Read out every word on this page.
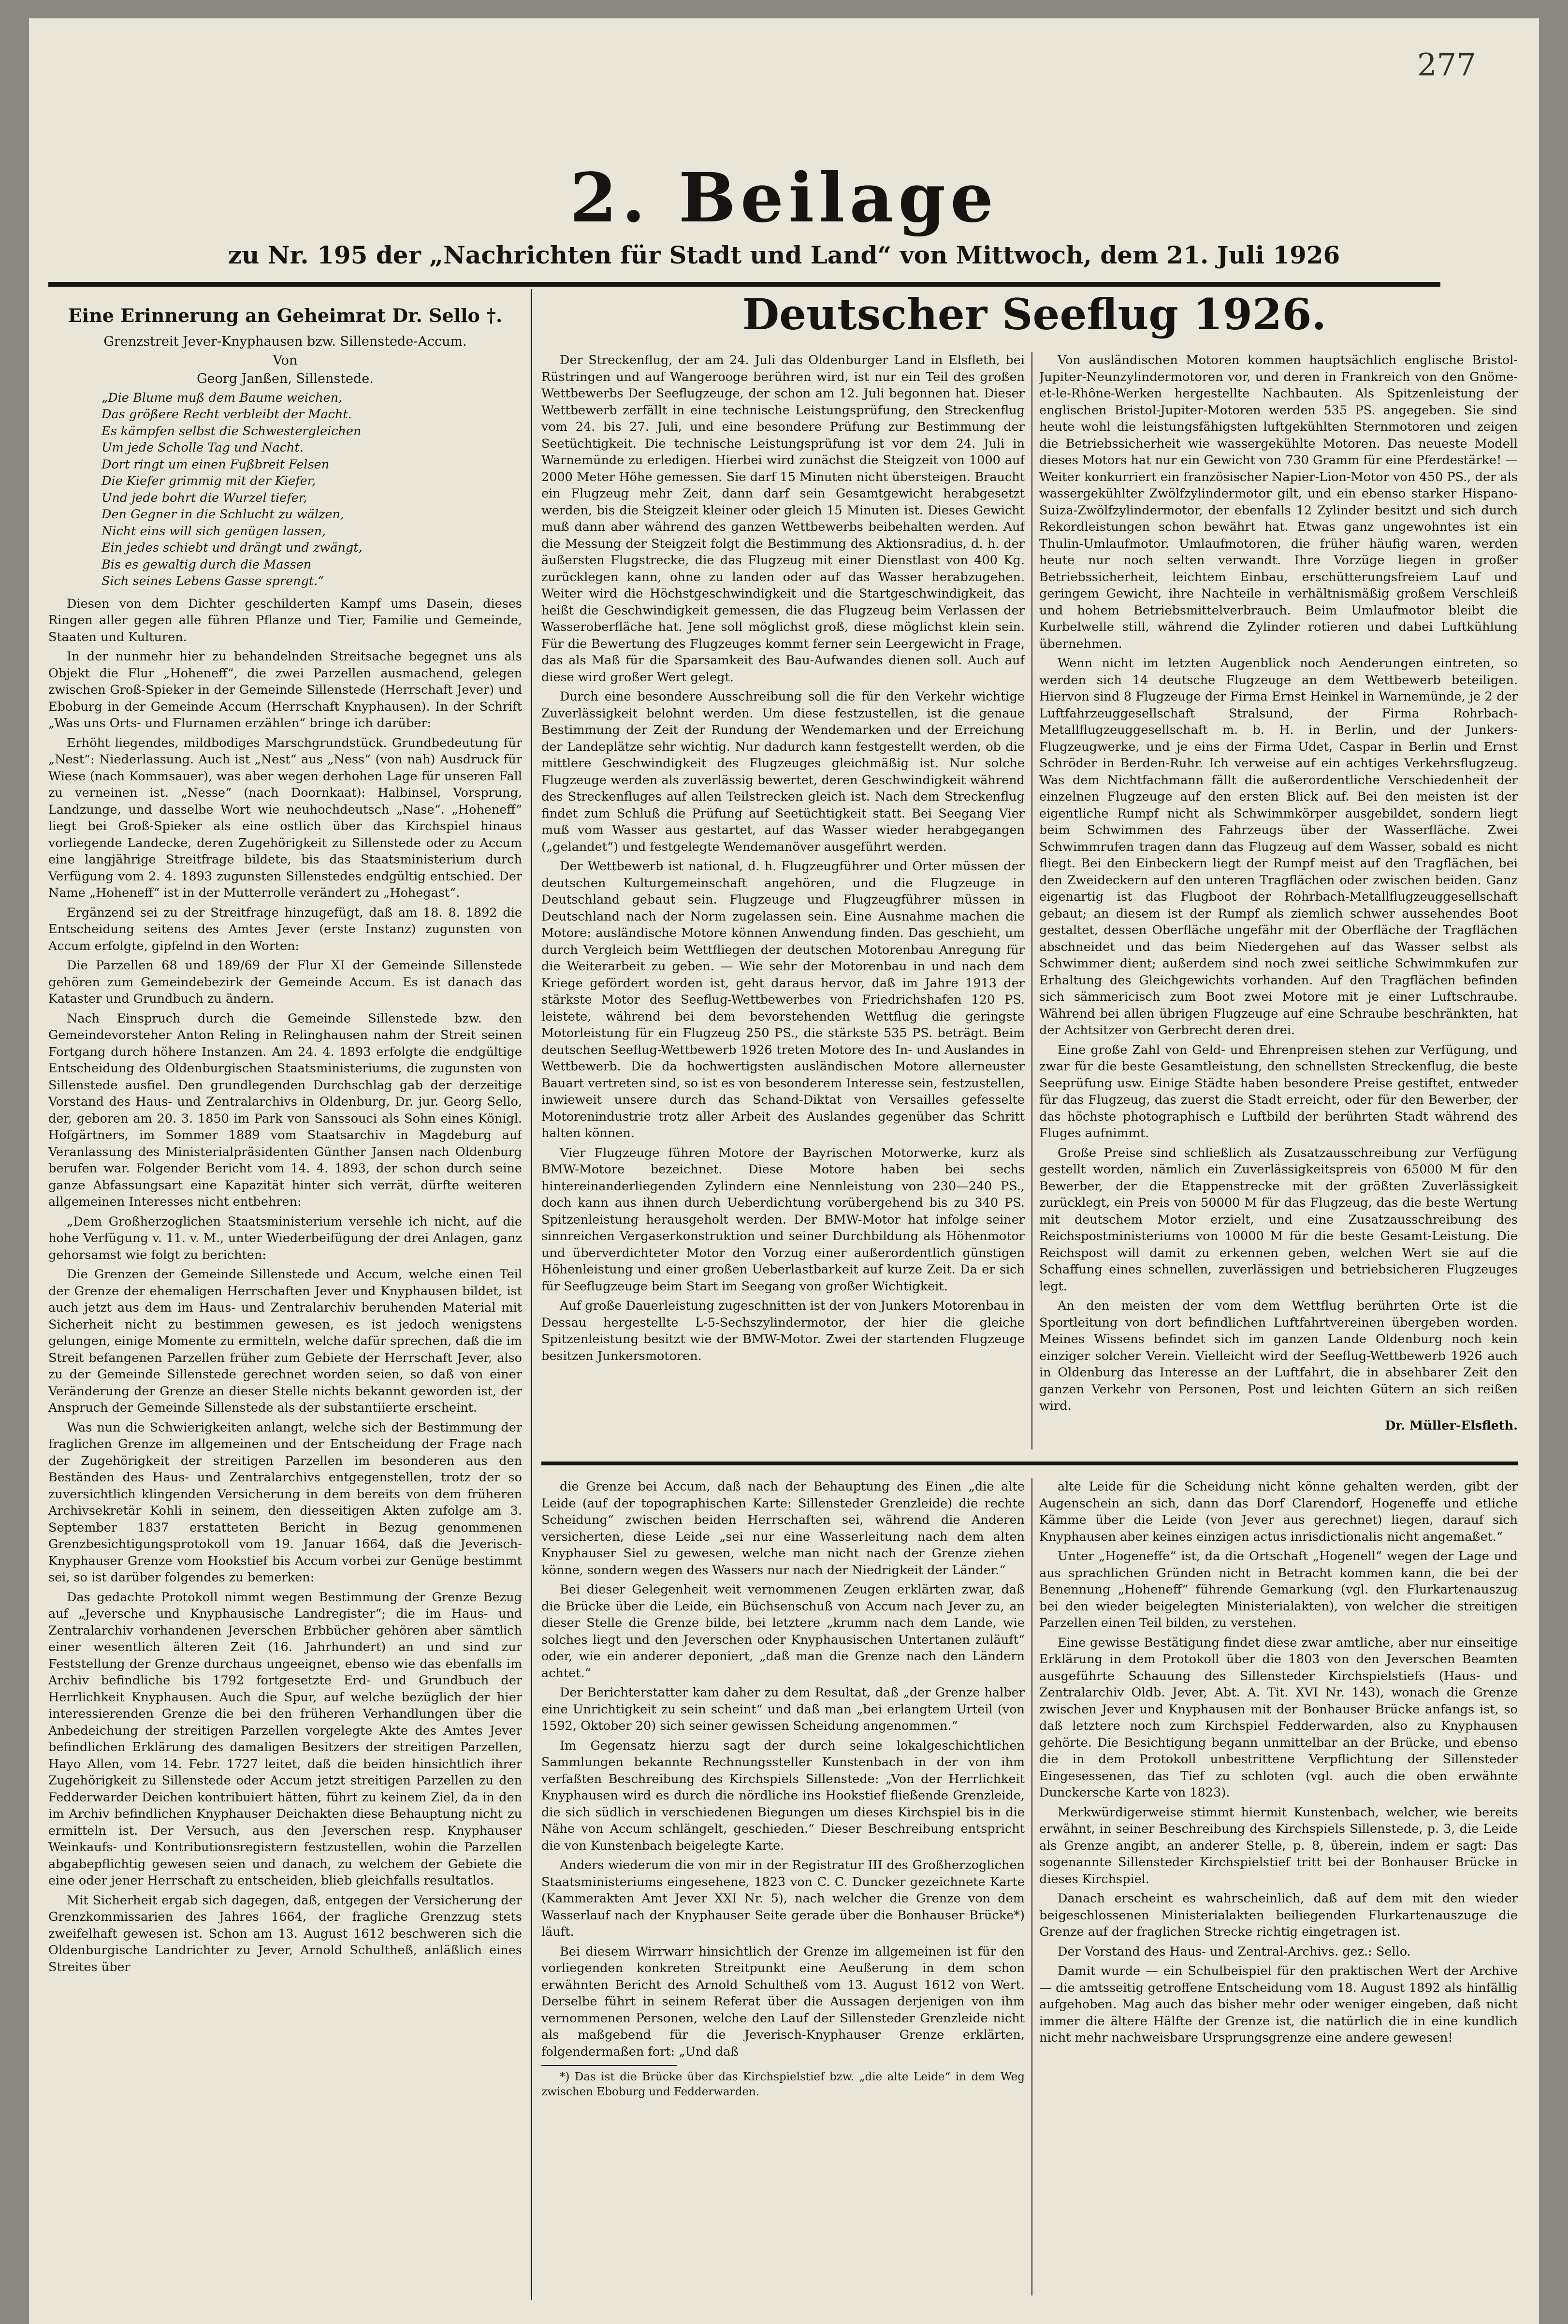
277
2. Beilage
zu Nr. 195 der „Nachrichten für Stadt und Land“ von Mittwoch, dem 21. Juli 1926
Eine Erinnerung an Geheimrat Dr. Sello †.
Grenzstreit Jever-Knyphausen bzw. Sillenstede-Accum.
Von
Georg Janßen, Sillenstede.
„Die Blume muß dem Baume weichen,
Das größere Recht verbleibt der Macht.
Es kämpfen selbst die Schwestergleichen
Um jede Scholle Tag und Nacht.
Dort ringt um einen Fußbreit Felsen
Die Kiefer grimmig mit der Kiefer,
Und jede bohrt die Wurzel tiefer,
Den Gegner in die Schlucht zu wälzen,
Nicht eins will sich genügen lassen,
Ein jedes schiebt und drängt und zwängt,
Bis es gewaltig durch die Massen
Sich seines Lebens Gasse sprengt.“

Diesen von dem Dichter geschilderten Kampf ums Dasein, dieses Ringen aller gegen alle führen Pflanze und Tier, Familie und Gemeinde, Staaten und Kulturen.

In der nunmehr hier zu behandelnden Streitsache begegnet uns als Objekt die Flur „Hoheneff“, die zwei Parzellen ausmachend, gelegen zwischen Groß-Spieker in der Gemeinde Sillenstede (Herrschaft Jever) und Eboburg in der Gemeinde Accum (Herrschaft Knyphausen). In der Schrift „Was uns Orts- und Flurnamen erzählen“ bringe ich darüber:

Erhöht liegendes, mildbodiges Marschgrundstück. Grundbedeutung für „Nest“: Niederlassung. Auch ist „Nest“ aus „Ness“ (von nah) Ausdruck für Wiese (nach Kommsauer), was aber wegen derhohen Lage für unseren Fall zu verneinen ist. „Nesse“ (nach Doornkaat): Halbinsel, Vorsprung, Landzunge, und dasselbe Wort wie neuhochdeutsch „Nase“. „Hoheneff“ liegt bei Groß-Spieker als eine ostlich über das Kirchspiel hinaus vorliegende Landecke, deren Zugehörigkeit zu Sillenstede oder zu Accum eine langjährige Streitfrage bildete, bis das Staatsministerium durch Verfügung vom 2. 4. 1893 zugunsten Sillenstedes endgültig entschied. Der Name „Hoheneff“ ist in der Mutterrolle verändert zu „Hohegast“.

Ergänzend sei zu der Streitfrage hinzugefügt, daß am 18. 8. 1892 die Entscheidung seitens des Amtes Jever (erste Instanz) zugunsten von Accum erfolgte, gipfelnd in den Worten:

Die Parzellen 68 und 189/69 der Flur XI der Gemeinde Sillenstede gehören zum Gemeindebezirk der Gemeinde Accum. Es ist danach das Kataster und Grundbuch zu ändern.

Nach Einspruch durch die Gemeinde Sillenstede bzw. den Gemeindevorsteher Anton Reling in Relinghausen nahm der Streit seinen Fortgang durch höhere Instanzen. Am 24. 4. 1893 erfolgte die endgültige Entscheidung des Oldenburgischen Staatsministeriums, die zugunsten von Sillenstede ausfiel. Den grundlegenden Durchschlag gab der derzeitige Vorstand des Haus- und Zentralarchivs in Oldenburg, Dr. jur. Georg Sello, der, geboren am 20. 3. 1850 im Park von Sanssouci als Sohn eines Königl. Hofgärtners, im Sommer 1889 vom Staatsarchiv in Magdeburg auf Veranlassung des Ministerialpräsidenten Günther Jansen nach Oldenburg berufen war. Folgender Bericht vom 14. 4. 1893, der schon durch seine ganze Abfassungsart eine Kapazität hinter sich verrät, dürfte weiteren allgemeinen Interesses nicht entbehren:

„Dem Großherzoglichen Staatsministerium versehle ich nicht, auf die hohe Verfügung v. 11. v. M., unter Wiederbeifügung der drei Anlagen, ganz gehorsamst wie folgt zu berichten:

Die Grenzen der Gemeinde Sillenstede und Accum, welche einen Teil der Grenze der ehemaligen Herrschaften Jever und Knyphausen bildet, ist auch jetzt aus dem im Haus- und Zentralarchiv beruhenden Material mit Sicherheit nicht zu bestimmen gewesen, es ist jedoch wenigstens gelungen, einige Momente zu ermitteln, welche dafür sprechen, daß die im Streit befangenen Parzellen früher zum Gebiete der Herrschaft Jever, also zu der Gemeinde Sillenstede gerechnet worden seien, so daß von einer Veränderung der Grenze an dieser Stelle nichts bekannt geworden ist, der Anspruch der Gemeinde Sillenstede als der substantiierte erscheint.

Was nun die Schwierigkeiten anlangt, welche sich der Bestimmung der fraglichen Grenze im allgemeinen und der Entscheidung der Frage nach der Zugehörigkeit der streitigen Parzellen im besonderen aus den Beständen des Haus- und Zentralarchivs entgegenstellen, trotz der so zuversichtlich klingenden Versicherung in dem bereits von dem früheren Archivsekretär Kohli in seinem, den diesseitigen Akten zufolge am 3. September 1837 erstatteten Bericht in Bezug genommenen Grenzbesichtigungsprotokoll vom 19. Januar 1664, daß die Jeverisch-Knyphauser Grenze vom Hookstief bis Accum vorbei zur Genüge bestimmt sei, so ist darüber folgendes zu bemerken:

Das gedachte Protokoll nimmt wegen Bestimmung der Grenze Bezug auf „Jeversche und Knyphausische Landregister“; die im Haus- und Zentralarchiv vorhandenen Jeverschen Erbbücher gehören aber sämtlich einer wesentlich älteren Zeit (16. Jahrhundert) an und sind zur Feststellung der Grenze durchaus ungeeignet, ebenso wie das ebenfalls im Archiv befindliche bis 1792 fortgesetzte Erd- und Grundbuch der Herrlichkeit Knyphausen. Auch die Spur, auf welche bezüglich der hier interessierenden Grenze die bei den früheren Verhandlungen über die Anbedeichung der streitigen Parzellen vorgelegte Akte des Amtes Jever befindlichen Erklärung des damaligen Besitzers der streitigen Parzellen, Hayo Allen, vom 14. Febr. 1727 leitet, daß die beiden hinsichtlich ihrer Zugehörigkeit zu Sillenstede oder Accum jetzt streitigen Parzellen zu den Fedderwarder Deichen kontribuiert hätten, führt zu keinem Ziel, da in den im Archiv befindlichen Knyphauser Deichakten diese Behauptung nicht zu ermitteln ist. Der Versuch, aus den Jeverschen resp. Knyphauser Weinkaufs- und Kontributionsregistern festzustellen, wohin die Parzellen abgabepflichtig gewesen seien und danach, zu welchem der Gebiete die eine oder jener Herrschaft zu entscheiden, blieb gleichfalls resultatlos.

Mit Sicherheit ergab sich dagegen, daß, entgegen der Versicherung der Grenzkommissarien des Jahres 1664, der fragliche Grenzzug stets zweifelhaft gewesen ist. Schon am 13. August 1612 beschweren sich die Oldenburgische Landrichter zu Jever, Arnold Schultheß, anläßlich eines Streites über

Deutscher Seeflug 1926.

Der Streckenflug, der am 24. Juli das Oldenburger Land in Elsfleth, bei Rüstringen und auf Wangerooge berühren wird, ist nur ein Teil des großen Wettbewerbs Der Seeflugzeuge, der schon am 12. Juli begonnen hat. Dieser Wettbewerb zerfällt in eine technische Leistungsprüfung, den Streckenflug vom 24. bis 27. Juli, und eine besondere Prüfung zur Bestimmung der Seetüchtigkeit. Die technische Leistungsprüfung ist vor dem 24. Juli in Warnemünde zu erledigen. Hierbei wird zunächst die Steigzeit von 1000 auf 2000 Meter Höhe gemessen. Sie darf 15 Minuten nicht übersteigen. Braucht ein Flugzeug mehr Zeit, dann darf sein Gesamtgewicht herabgesetzt werden, bis die Steigzeit kleiner oder gleich 15 Minuten ist. Dieses Gewicht muß dann aber während des ganzen Wettbewerbs beibehalten werden. Auf die Messung der Steigzeit folgt die Bestimmung des Aktionsradius, d. h. der äußersten Flugstrecke, die das Flugzeug mit einer Dienstlast von 400 Kg. zurücklegen kann, ohne zu landen oder auf das Wasser herabzugehen. Weiter wird die Höchstgeschwindigkeit und die Startgeschwindigkeit, das heißt die Geschwindigkeit gemessen, die das Flugzeug beim Verlassen der Wasseroberfläche hat. Jene soll möglichst groß, diese möglichst klein sein. Für die Bewertung des Flugzeuges kommt ferner sein Leergewicht in Frage, das als Maß für die Sparsamkeit des Bau-Aufwandes dienen soll. Auch auf diese wird großer Wert gelegt.

Durch eine besondere Ausschreibung soll die für den Verkehr wichtige Zuverlässigkeit belohnt werden. Um diese festzustellen, ist die genaue Bestimmung der Zeit der Rundung der Wendemarken und der Erreichung der Landeplätze sehr wichtig. Nur dadurch kann festgestellt werden, ob die mittlere Geschwindigkeit des Flugzeuges gleichmäßig ist. Nur solche Flugzeuge werden als zuverlässig bewertet, deren Geschwindigkeit während des Streckenfluges auf allen Teilstrecken gleich ist. Nach dem Streckenflug findet zum Schluß die Prüfung auf Seetüchtigkeit statt. Bei Seegang Vier muß vom Wasser aus gestartet, auf das Wasser wieder herabgegangen („gelandet“) und festgelegte Wendemanöver ausgeführt werden.

Der Wettbewerb ist national, d. h. Flugzeugführer und Orter müssen der deutschen Kulturgemeinschaft angehören, und die Flugzeuge in Deutschland gebaut sein. Flugzeuge und Flugzeugführer müssen in Deutschland nach der Norm zugelassen sein. Eine Ausnahme machen die Motore: ausländische Motore können Anwendung finden. Das geschieht, um durch Vergleich beim Wettfliegen der deutschen Motorenbau Anregung für die Weiterarbeit zu geben. — Wie sehr der Motorenbau in und nach dem Kriege gefördert worden ist, geht daraus hervor, daß im Jahre 1913 der stärkste Motor des Seeflug-Wettbewerbes von Friedrichshafen 120 PS. leistete, während bei dem bevorstehenden Wettflug die geringste Motorleistung für ein Flugzeug 250 PS., die stärkste 535 PS. beträgt. Beim deutschen Seeflug-Wettbewerb 1926 treten Motore des In- und Auslandes in Wettbewerb. Die da hochwertigsten ausländischen Motore allerneuster Bauart vertreten sind, so ist es von besonderem Interesse sein, festzustellen, inwieweit unsere durch das Schand-Diktat von Versailles gefesselte Motorenindustrie trotz aller Arbeit des Auslandes gegenüber das Schritt halten können.

Vier Flugzeuge führen Motore der Bayrischen Motorwerke, kurz als BMW-Motore bezeichnet. Diese Motore haben bei sechs hintereinanderliegenden Zylindern eine Nennleistung von 230—240 PS., doch kann aus ihnen durch Ueberdichtung vorübergehend bis zu 340 PS. Spitzenleistung herausgeholt werden. Der BMW-Motor hat infolge seiner sinnreichen Vergaserkonstruktion und seiner Durchbildung als Höhenmotor und überverdichteter Motor den Vorzug einer außerordentlich günstigen Höhenleistung und einer großen Ueberlastbarkeit auf kurze Zeit. Da er sich für Seeflugzeuge beim Start im Seegang von großer Wichtigkeit.

Auf große Dauerleistung zugeschnitten ist der von Junkers Motorenbau in Dessau hergestellte L-5-Sechszylindermotor, der hier die gleiche Spitzenleistung besitzt wie der BMW-Motor. Zwei der startenden Flugzeuge besitzen Junkersmotoren.

Von ausländischen Motoren kommen hauptsächlich englische Bristol-Jupiter-Neunzylindermotoren vor, und deren in Frankreich von den Gnöme-et-le-Rhône-Werken hergestellte Nachbauten. Als Spitzenleistung der englischen Bristol-Jupiter-Motoren werden 535 PS. angegeben. Sie sind heute wohl die leistungsfähigsten luftgekühlten Sternmotoren und zeigen die Betriebssicherheit wie wassergekühlte Motoren. Das neueste Modell dieses Motors hat nur ein Gewicht von 730 Gramm für eine Pferdestärke! — Weiter konkurriert ein französischer Napier-Lion-Motor von 450 PS., der als wassergekühlter Zwölfzylindermotor gilt, und ein ebenso starker Hispano-Suiza-Zwölfzylindermotor, der ebenfalls 12 Zylinder besitzt und sich durch Rekordleistungen schon bewährt hat. Etwas ganz ungewohntes ist ein Thulin-Umlaufmotor. Umlaufmotoren, die früher häufig waren, werden heute nur noch selten verwandt. Ihre Vorzüge liegen in großer Betriebssicherheit, leichtem Einbau, erschütterungsfreiem Lauf und geringem Gewicht, ihre Nachteile in verhältnismäßig großem Verschleiß und hohem Betriebsmittelverbrauch. Beim Umlaufmotor bleibt die Kurbelwelle still, während die Zylinder rotieren und dabei Luftkühlung übernehmen.

Wenn nicht im letzten Augenblick noch Aenderungen eintreten, so werden sich 14 deutsche Flugzeuge an dem Wettbewerb beteiligen. Hiervon sind 8 Flugzeuge der Firma Ernst Heinkel in Warnemünde, je 2 der Luftfahrzeuggesellschaft Stralsund, der Firma Rohrbach-Metallflugzeuggesellschaft m. b. H. in Berlin, und der Junkers-Flugzeugwerke, und je eins der Firma Udet, Caspar in Berlin und Ernst Schröder in Berden-Ruhr. Ich verweise auf ein achtiges Verkehrsflugzeug. Was dem Nichtfachmann fällt die außerordentliche Verschiedenheit der einzelnen Flugzeuge auf den ersten Blick auf. Bei den meisten ist der eigentliche Rumpf nicht als Schwimmkörper ausgebildet, sondern liegt beim Schwimmen des Fahrzeugs über der Wasserfläche. Zwei Schwimmrufen tragen dann das Flugzeug auf dem Wasser, sobald es nicht fliegt. Bei den Einbeckern liegt der Rumpf meist auf den Tragflächen, bei den Zweideckern auf den unteren Tragflächen oder zwischen beiden. Ganz eigenartig ist das Flugboot der Rohrbach-Metallflugzeuggesellschaft gebaut; an diesem ist der Rumpf als ziemlich schwer aussehendes Boot gestaltet, dessen Oberfläche ungefähr mit der Oberfläche der Tragflächen abschneidet und das beim Niedergehen auf das Wasser selbst als Schwimmer dient; außerdem sind noch zwei seitliche Schwimmkufen zur Erhaltung des Gleichgewichts vorhanden. Auf den Tragflächen befinden sich sämmericisch zum Boot zwei Motore mit je einer Luftschraube. Während bei allen übrigen Flugzeuge auf eine Schraube beschränkten, hat der Achtsitzer von Gerbrecht deren drei.

Eine große Zahl von Geld- und Ehrenpreisen stehen zur Verfügung, und zwar für die beste Gesamtleistung, den schnellsten Streckenflug, die beste Seeprüfung usw. Einige Städte haben besondere Preise gestiftet, entweder für das Flugzeug, das zuerst die Stadt erreicht, oder für den Bewerber, der das höchste photographisch e Luftbild der berührten Stadt während des Fluges aufnimmt.

Große Preise sind schließlich als Zusatzausschreibung zur Verfügung gestellt worden, nämlich ein Zuverlässigkeitspreis von 65000 M für den Bewerber, der die Etappenstrecke mit der größten Zuverlässigkeit zurücklegt, ein Preis von 50000 M für das Flugzeug, das die beste Wertung mit deutschem Motor erzielt, und eine Zusatzausschreibung des Reichspostministeriums von 10000 M für die beste Gesamt-Leistung. Die Reichspost will damit zu erkennen geben, welchen Wert sie auf die Schaffung eines schnellen, zuverlässigen und betriebsicheren Flugzeuges legt.

An den meisten der vom dem Wettflug berührten Orte ist die Sportleitung von dort befindlichen Luftfahrtvereinen übergeben worden. Meines Wissens befindet sich im ganzen Lande Oldenburg noch kein einziger solcher Verein. Vielleicht wird der Seeflug-Wettbewerb 1926 auch in Oldenburg das Interesse an der Luftfahrt, die in absehbarer Zeit den ganzen Verkehr von Personen, Post und leichten Gütern an sich reißen wird.

Dr. Müller-Elsfleth.

die Grenze bei Accum, daß nach der Behauptung des Einen „die alte Leide (auf der topographischen Karte: Sillensteder Grenzleide) die rechte Scheidung“ zwischen beiden Herrschaften sei, während die Anderen versicherten, diese Leide „sei nur eine Wasserleitung nach dem alten Knyphauser Siel zu gewesen, welche man nicht nach der Grenze ziehen könne, sondern wegen des Wassers nur nach der Niedrigkeit der Länder.“

Bei dieser Gelegenheit weit vernommenen Zeugen erklärten zwar, daß die Brücke über die Leide, ein Büchsenschuß von Accum nach Jever zu, an dieser Stelle die Grenze bilde, bei letztere „krumm nach dem Lande, wie solches liegt und den Jeverschen oder Knyphausischen Untertanen zuläuft“ oder, wie ein anderer deponiert, „daß man die Grenze nach den Ländern achtet.“

Der Berichterstatter kam daher zu dem Resultat, daß „der Grenze halber eine Unrichtigkeit zu sein scheint“ und daß man „bei erlangtem Urteil (von 1592, Oktober 20) sich seiner gewissen Scheidung angenommen.“

Im Gegensatz hierzu sagt der durch seine lokalgeschichtlichen Sammlungen bekannte Rechnungssteller Kunstenbach in der von ihm verfaßten Beschreibung des Kirchspiels Sillenstede: „Von der Herrlichkeit Knyphausen wird es durch die nördliche ins Hookstief fließende Grenzleide, die sich südlich in verschiedenen Biegungen um dieses Kirchspiel bis in die Nähe von Accum schlängelt, geschieden.“ Dieser Beschreibung entspricht die von Kunstenbach beigelegte Karte.

Anders wiederum die von mir in der Registratur III des Großherzoglichen Staatsministeriums eingesehene, 1823 von C. C. Duncker gezeichnete Karte (Kammerakten Amt Jever XXI Nr. 5), nach welcher die Grenze von dem Wasserlauf nach der Knyphauser Seite gerade über die Bonhauser Brücke*) läuft.

Bei diesem Wirrwarr hinsichtlich der Grenze im allgemeinen ist für den vorliegenden konkreten Streitpunkt eine Aeußerung in dem schon erwähnten Bericht des Arnold Schultheß vom 13. August 1612 von Wert. Derselbe führt in seinem Referat über die Aussagen derjenigen von ihm vernommenen Personen, welche den Lauf der Sillensteder Grenzleide nicht als maßgebend für die Jeverisch-Knyphauser Grenze erklärten, folgendermaßen fort: „Und daß

*) Das ist die Brücke über das Kirchspielstief bzw. „die alte Leide“ in dem Weg zwischen Eboburg und Fedderwarden.

alte Leide für die Scheidung nicht könne gehalten werden, gibt der Augenschein an sich, dann das Dorf Clarendorf, Hogeneffe und etliche Kämme über die Leide (von Jever aus gerechnet) liegen, darauf sich Knyphausen aber keines einzigen actus inrisdictionalis nicht angemaßet.“

Unter „Hogeneffe“ ist, da die Ortschaft „Hogenell“ wegen der Lage und aus sprachlichen Gründen nicht in Betracht kommen kann, die bei der Benennung „Hoheneff“ führende Gemarkung (vgl. den Flurkartenauszug bei den wieder beigelegten Ministerialakten), von welcher die streitigen Parzellen einen Teil bilden, zu verstehen.

Eine gewisse Bestätigung findet diese zwar amtliche, aber nur einseitige Erklärung in dem Protokoll über die 1803 von den Jeverschen Beamten ausgeführte Schauung des Sillensteder Kirchspielstiefs (Haus- und Zentralarchiv Oldb. Jever, Abt. A. Tit. XVI Nr. 143), wonach die Grenze zwischen Jever und Knyphausen mit der Bonhauser Brücke anfangs ist, so daß letztere noch zum Kirchspiel Fedderwarden, also zu Knyphausen gehörte. Die Besichtigung begann unmittelbar an der Brücke, und ebenso die in dem Protokoll unbestrittene Verpflichtung der Sillensteder Eingesessenen, das Tief zu schloten (vgl. auch die oben erwähnte Dunckersche Karte von 1823).

Merkwürdigerweise stimmt hiermit Kunstenbach, welcher, wie bereits erwähnt, in seiner Beschreibung des Kirchspiels Sillenstede, p. 3, die Leide als Grenze angibt, an anderer Stelle, p. 8, überein, indem er sagt: Das sogenannte Sillensteder Kirchspielstief tritt bei der Bonhauser Brücke in dieses Kirchspiel.

Danach erscheint es wahrscheinlich, daß auf dem mit den wieder beigeschlossenen Ministerialakten beiliegenden Flurkartenauszuge die Grenze auf der fraglichen Strecke richtig eingetragen ist.

Der Vorstand des Haus- und Zentral-Archivs. gez.: Sello.

Damit wurde — ein Schulbeispiel für den praktischen Wert der Archive — die amtsseitig getroffene Entscheidung vom 18. August 1892 als hinfällig aufgehoben. Mag auch das bisher mehr oder weniger eingeben, daß nicht immer die ältere Hälfte der Grenze ist, die natürlich die in eine kundlich nicht mehr nachweisbare Ursprungsgrenze eine andere gewesen!
